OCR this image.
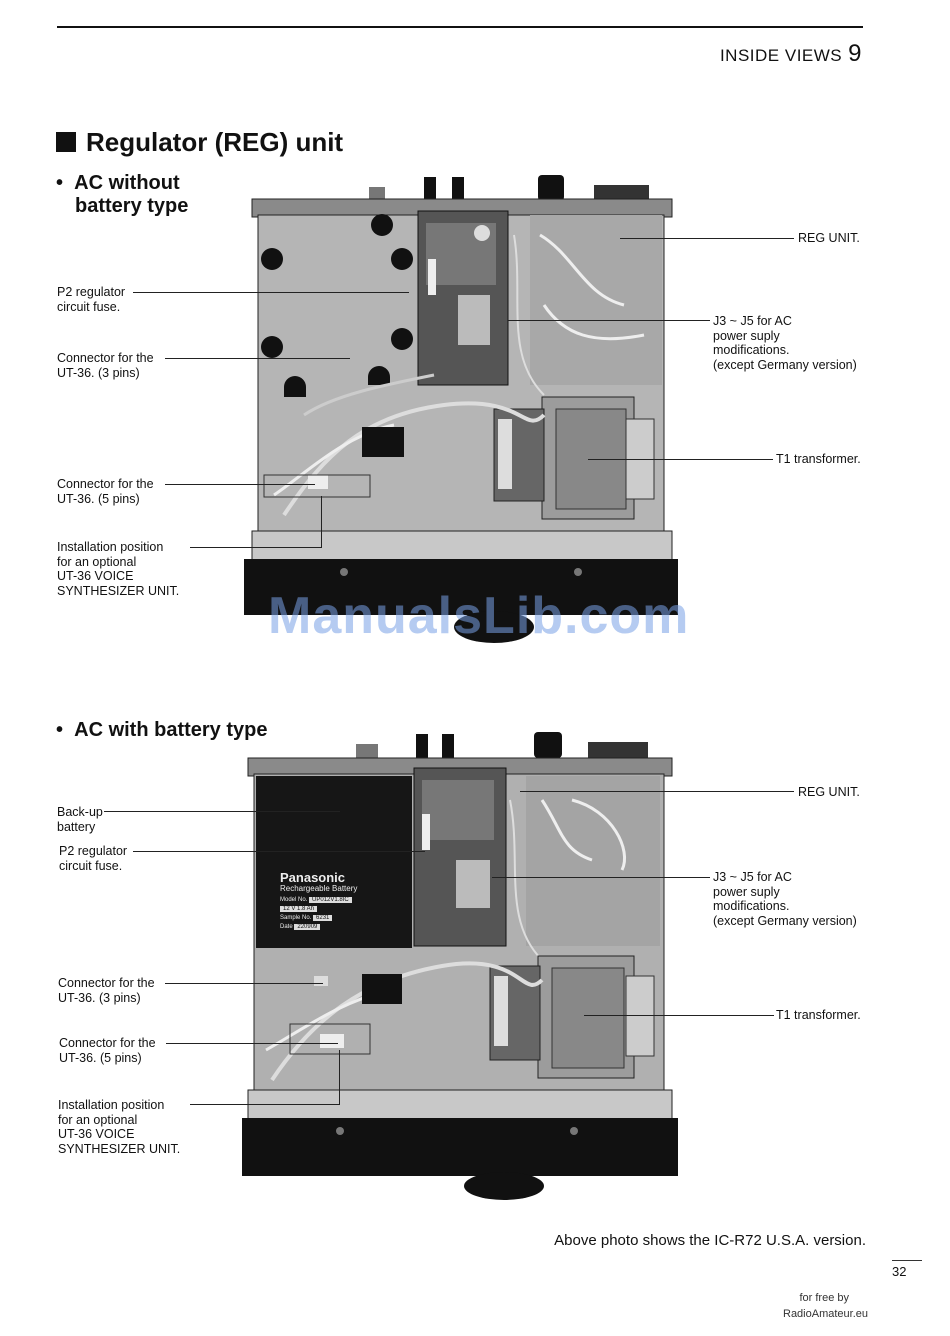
INSIDE VIEWS 9
Regulator (REG) unit
•  AC without
battery type
P2 regulator
circuit fuse.
Connector for the
UT-36. (3 pins)
Connector for the
UT-36. (5 pins)
Installation position
for an optional
UT-36 VOICE
SYNTHESIZER UNIT.
REG UNIT.
J3 ~ J5 for AC
power suply
modifications.
(except Germany version)
T1 transformer.
ManualsLib.com
•  AC with battery type
Panasonic
Rechargeable Battery
Model No. UP012V1.8IC
12 V 1.8 Ah
Sample No. 6231
Date 220909
Back-up
battery
P2 regulator
circuit fuse.
Connector for the
UT-36. (3 pins)
Connector for the
UT-36. (5 pins)
Installation position
for an optional
UT-36 VOICE
SYNTHESIZER UNIT.
REG UNIT.
J3 ~ J5 for AC
power suply
modifications.
(except Germany version)
T1 transformer.
Above photo shows the IC-R72 U.S.A. version.
32
for free by
RadioAmateur.eu
